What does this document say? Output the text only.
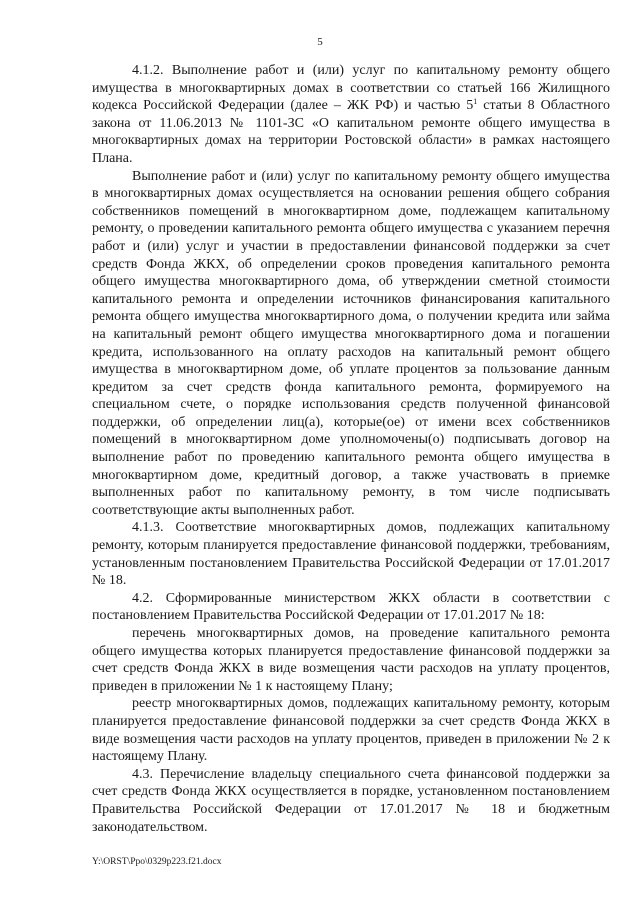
5

4.1.2. Выполнение работ и (или) услуг по капитальному ремонту общего имущества в многоквартирных домах в соответствии со статьей 166 Жилищного кодекса Российской Федерации (далее – ЖК РФ) и частью $5^1$ статьи 8 Областного закона от 11.06.2013 № 1101-ЗС «О капитальном ремонте общего имущества в многоквартирных домах на территории Ростовской области» в рамках настоящего Плана.

Выполнение работ и (или) услуг по капитальному ремонту общего имущества в многоквартирных домах осуществляется на основании решения общего собрания собственников помещений в многоквартирном доме, подлежащем капитальному ремонту, о проведении капитального ремонта общего имущества с указанием перечня работ и (или) услуг и участии в предоставлении финансовой поддержки за счет средств Фонда ЖКХ, об определении сроков проведения капитального ремонта общего имущества многоквартирного дома, об утверждении сметной стоимости капитального ремонта и определении источников финансирования капитального ремонта общего имущества многоквартирного дома, о получении кредита или займа на капитальный ремонт общего имущества многоквартирного дома и погашении кредита, использованного на оплату расходов на капитальный ремонт общего имущества в многоквартирном доме, об уплате процентов за пользование данным кредитом за счет средств фонда капитального ремонта, формируемого на специальном счете, о порядке использования средств полученной финансовой поддержки, об определении лиц(а), которые(ое) от имени всех собственников помещений в многоквартирном доме уполномочены(о) подписывать договор на выполнение работ по проведению капитального ремонта общего имущества в многоквартирном доме, кредитный договор, а также участвовать в приемке выполненных работ по капитальному ремонту, в том числе подписывать соответствующие акты выполненных работ.

4.1.3. Соответствие многоквартирных домов, подлежащих капитальному ремонту, которым планируется предоставление финансовой поддержки, требованиям, установленным постановлением Правительства Российской Федерации от 17.01.2017 № 18.

4.2. Сформированные министерством ЖКХ области в соответствии с постановлением Правительства Российской Федерации от 17.01.2017 № 18:

перечень многоквартирных домов, на проведение капитального ремонта общего имущества которых планируется предоставление финансовой поддержки за счет средств Фонда ЖКХ в виде возмещения части расходов на уплату процентов, приведен в приложении № 1 к настоящему Плану;

реестр многоквартирных домов, подлежащих капитальному ремонту, которым планируется предоставление финансовой поддержки за счет средств Фонда ЖКХ в виде возмещения части расходов на уплату процентов, приведен в приложении № 2 к настоящему Плану.

4.3. Перечисление владельцу специального счета финансовой поддержки за счет средств Фонда ЖКХ осуществляется в порядке, установленном постановлением Правительства Российской Федерации от 17.01.2017 № 18 и бюджетным законодательством.

Y:\ORST\Ppo\0329p223.f21.docx
